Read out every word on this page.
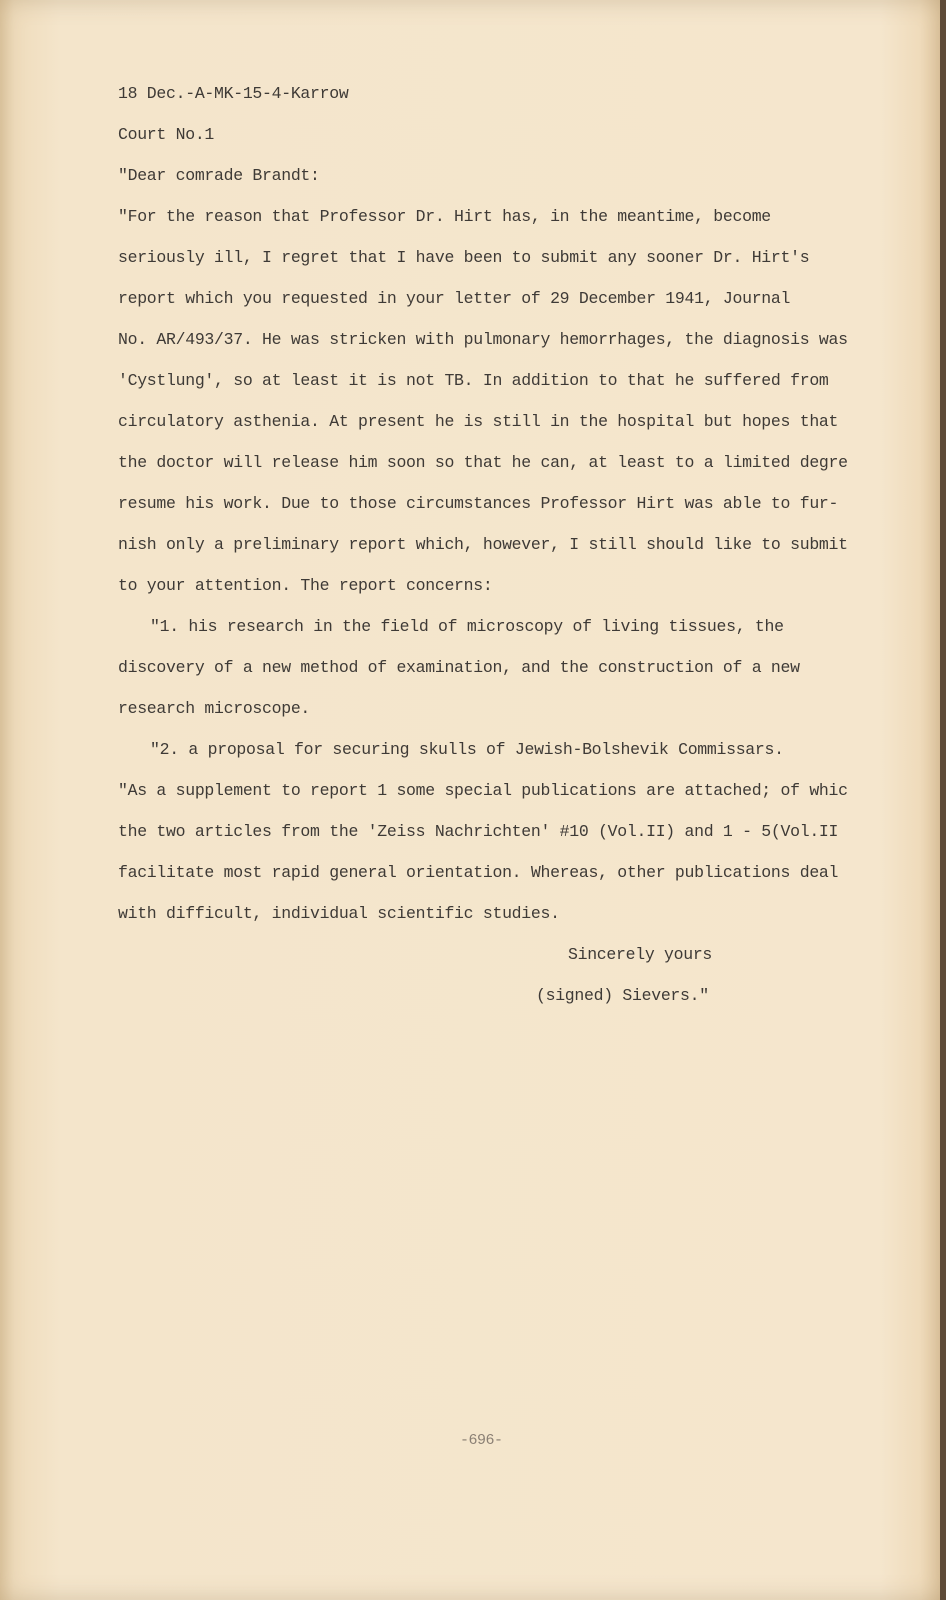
18 Dec.-A-MK-15-4-Karrow

Court No.1

"Dear comrade Brandt:

"For the reason that Professor Dr. Hirt has, in the meantime, become

seriously ill, I regret that I have been to submit any sooner Dr. Hirt's

report which you requested in your letter of 29 December 1941, Journal

No. AR/493/37. He was stricken with pulmonary hemorrhages, the diagnosis was

'Cystlung', so at least it is not TB. In addition to that he suffered from

circulatory asthenia. At present he is still in the hospital but hopes that

the doctor will release him soon so that he can, at least to a limited degre

resume his work. Due to those circumstances Professor Hirt was able to fur-

nish only a preliminary report which, however, I still should like to submit

to your attention. The report concerns:

"1. his research in the field of microscopy of living tissues, the

discovery of a new method of examination, and the construction of a new

research microscope.

"2. a proposal for securing skulls of Jewish-Bolshevik Commissars.

"As a supplement to report 1 some special publications are attached; of whic

the two articles from the 'Zeiss Nachrichten' #10 (Vol.II) and 1 - 5(Vol.II

facilitate most rapid general orientation. Whereas, other publications deal

with difficult, individual scientific studies.

Sincerely yours

(signed) Sievers."

-696-
